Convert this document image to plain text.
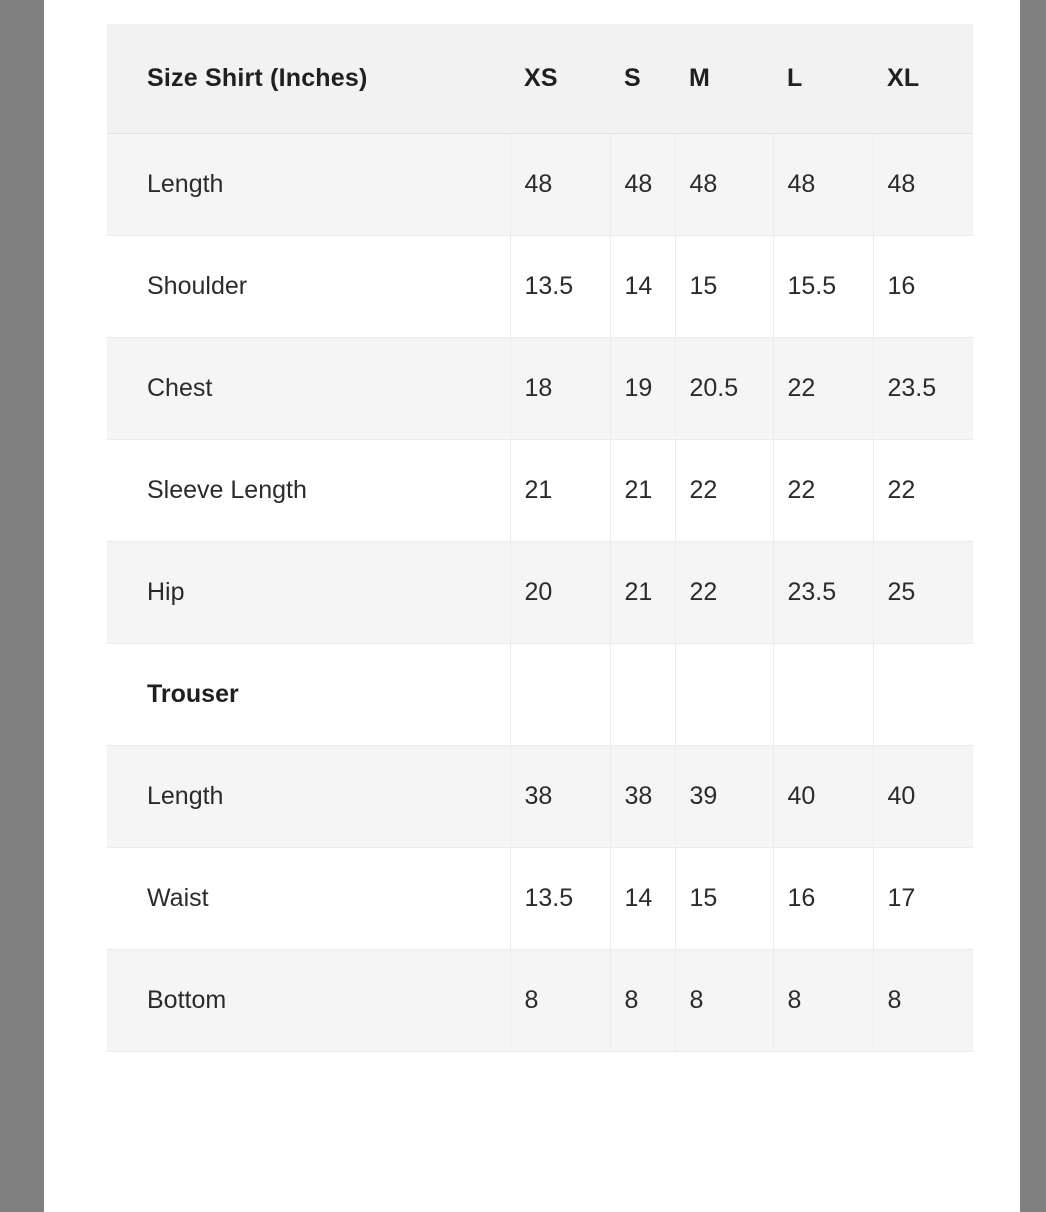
Size Shirt (Inches)	XS	S	M	L	XL
Length	48	48	48	48	48
Shoulder	13.5	14	15	15.5	16
Chest	18	19	20.5	22	23.5
Sleeve Length	21	21	22	22	22
Hip	20	21	22	23.5	25
Trouser					
Length	38	38	39	40	40
Waist	13.5	14	15	16	17
Bottom	8	8	8	8	8
